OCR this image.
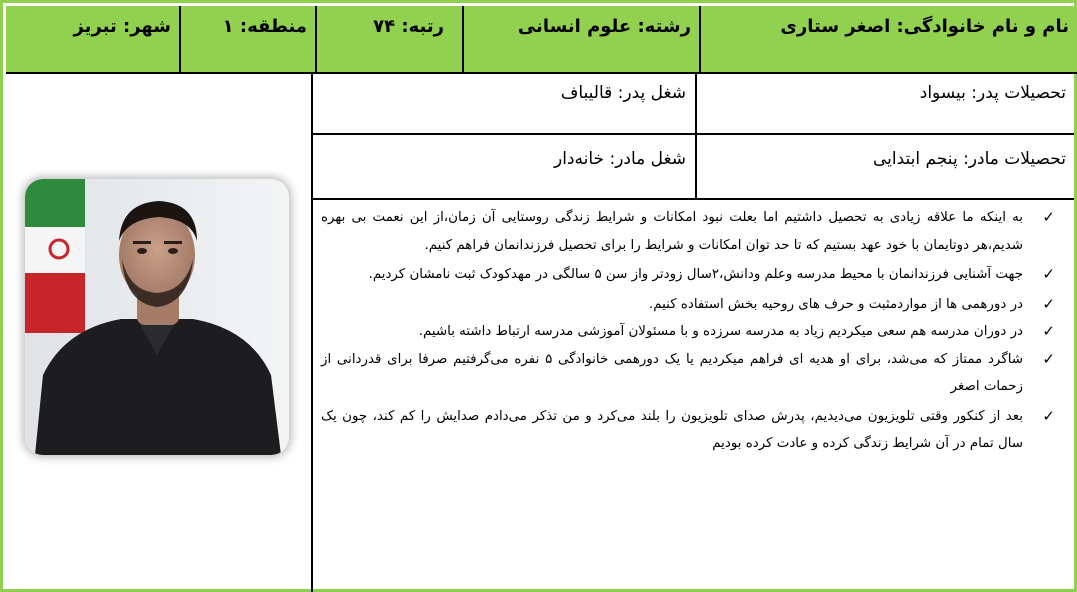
نام و نام خانوادگی: اصغر ستاری
رشته: علوم انسانی
رتبه: ۷۴
منطقه: ۱
شهر: تبریز
تحصیلات پدر: بیسواد
شغل پدر: قالیباف
تحصیلات مادر: پنجم ابتدایی
شغل مادر: خانه‌دار
✓
به اینکه ما علاقه زیادی به تحصیل داشتیم اما بعلت نبود امکانات و شرایط زندگی روستایی آن زمان،از این نعمت بی بهره شدیم،هر دوتایمان با خود عهد بستیم که تا حد توان امکانات و شرایط را برای تحصیل فرزندانمان فراهم کنیم.
✓
جهت آشنایی فرزندانمان با محیط مدرسه وعلم ودانش،۲سال زودتر واز سن ۵ سالگی در مهدکودک ثبت نامشان کردیم.
✓
در دورهمی ها از موارد‌مثبت و حرف های روحیه بخش استفاده کنیم.
✓
در دوران مدرسه هم سعی میکردیم زیاد به مدرسه سرزده و با مسئولان آموزشی مدرسه ارتباط داشته باشیم.
✓
شاگرد ممتاز که می‌شد، برای او هدیه ای فراهم میکردیم یا یک دورهمی خانوادگی ۵ نفره می‌گرفتیم صرفا برای قدردانی از زحمات اصغر
✓
بعد از کنکور وقتی تلویزیون می‌دیدیم، پدرش صدای تلویزیون را بلند می‌کرد و من تذکر می‌دادم صدایش را کم کند، چون یک سال تمام در آن شرایط زندگی کرده و عادت کرده بودیم
